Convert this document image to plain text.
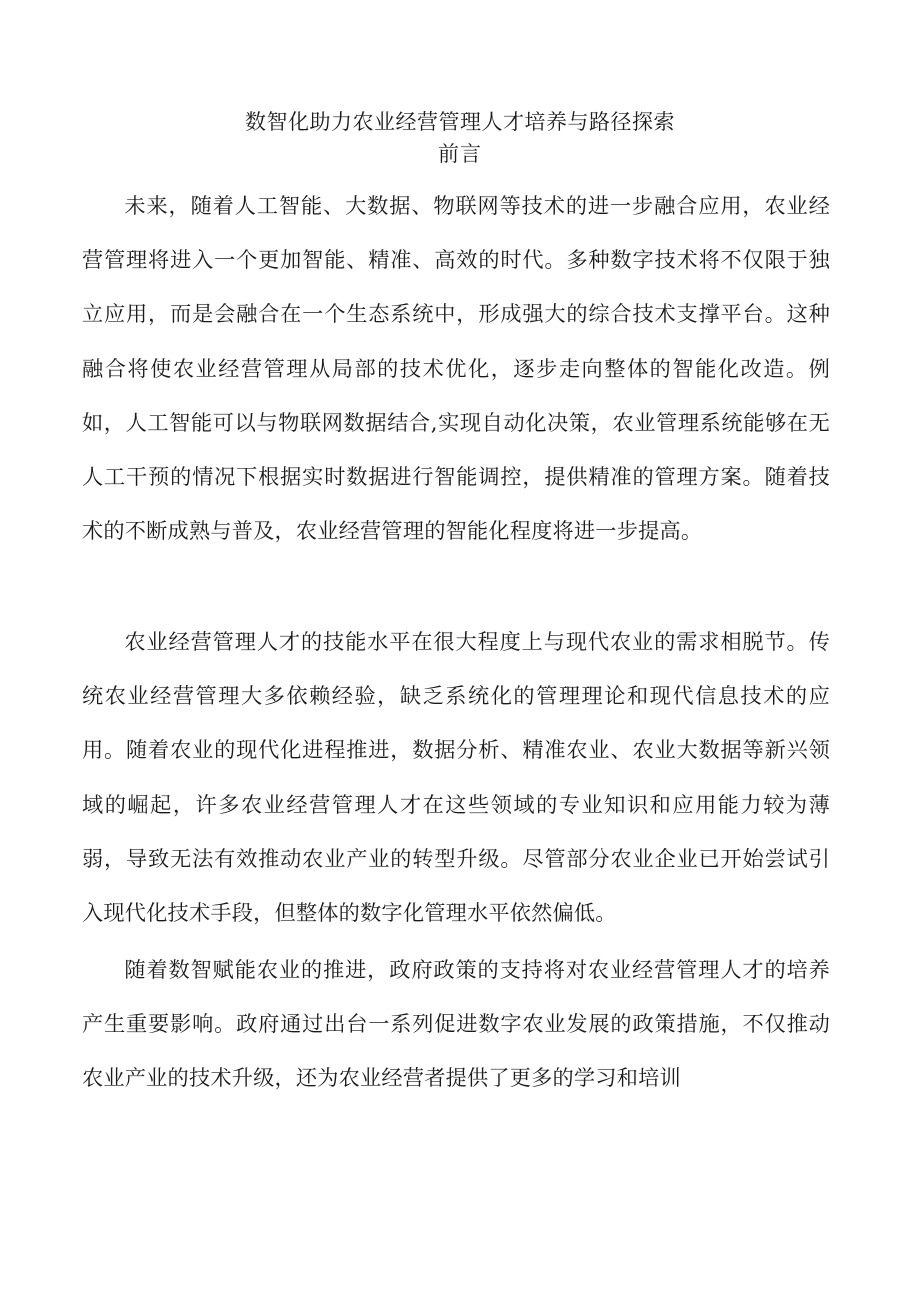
数智化助力农业经营管理人才培养与路径探索
前言

未来，随着人工智能、大数据、物联网等技术的进一步融合应用，农业经营管理将进入一个更加智能、精准、高效的时代。多种数字技术将不仅限于独立应用，而是会融合在一个生态系统中，形成强大的综合技术支撑平台。这种融合将使农业经营管理从局部的技术优化，逐步走向整体的智能化改造。例如，人工智能可以与物联网数据结合,实现自动化决策，农业管理系统能够在无人工干预的情况下根据实时数据进行智能调控，提供精准的管理方案。随着技术的不断成熟与普及，农业经营管理的智能化程度将进一步提高。

农业经营管理人才的技能水平在很大程度上与现代农业的需求相脱节。传统农业经营管理大多依赖经验，缺乏系统化的管理理论和现代信息技术的应用。随着农业的现代化进程推进，数据分析、精准农业、农业大数据等新兴领域的崛起，许多农业经营管理人才在这些领域的专业知识和应用能力较为薄弱，导致无法有效推动农业产业的转型升级。尽管部分农业企业已开始尝试引入现代化技术手段，但整体的数字化管理水平依然偏低。

随着数智赋能农业的推进，政府政策的支持将对农业经营管理人才的培养产生重要影响。政府通过出台一系列促进数字农业发展的政策措施，不仅推动农业产业的技术升级，还为农业经营者提供了更多的学习和培训
